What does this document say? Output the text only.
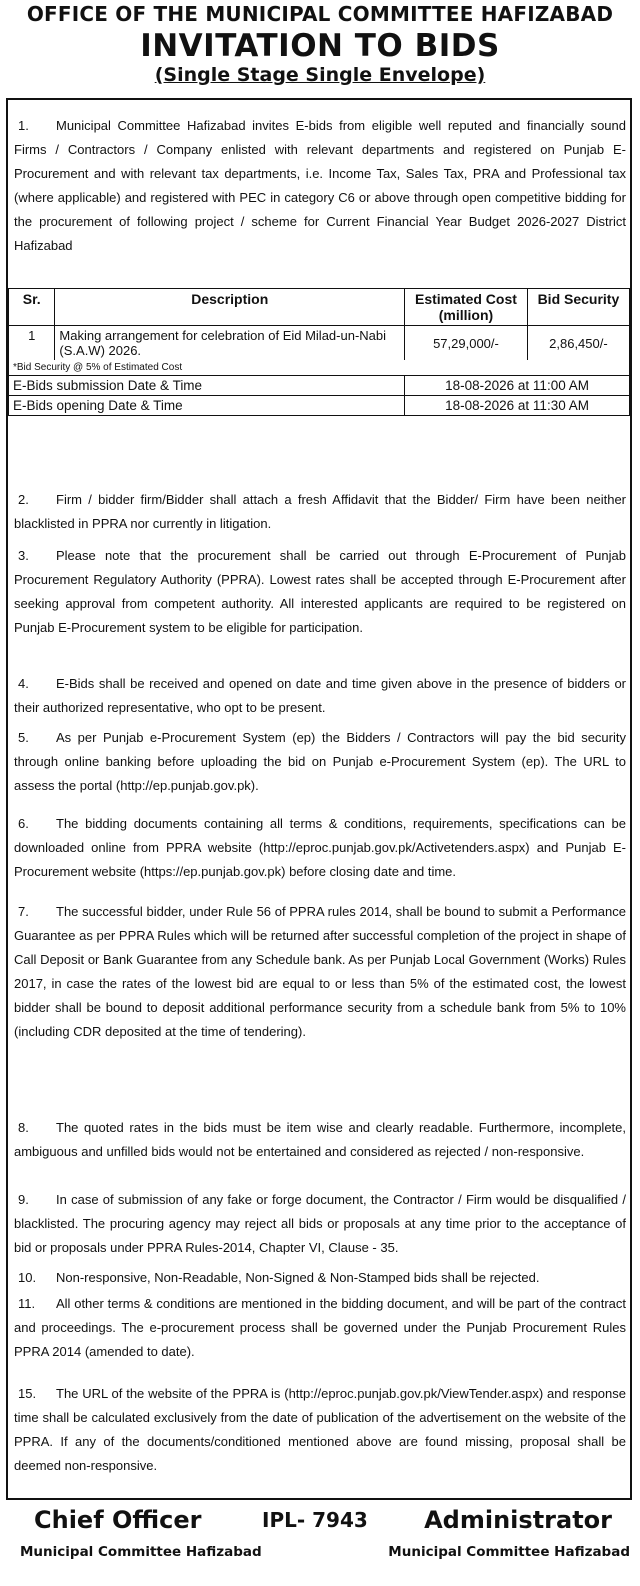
OFFICE OF THE MUNICIPAL COMMITTEE HAFIZABAD
INVITATION TO BIDS
(Single Stage Single Envelope)
1. Municipal Committee Hafizabad invites E-bids from eligible well reputed and financially sound Firms / Contractors / Company enlisted with relevant departments and registered on Punjab E-Procurement and with relevant tax departments, i.e. Income Tax, Sales Tax, PRA and Professional tax (where applicable) and registered with PEC in category C6 or above through open competitive bidding for the procurement of following project / scheme for Current Financial Year Budget 2026-2027 District Hafizabad
Sr.	Description	Estimated Cost (million)	Bid Security
1	Making arrangement for celebration of Eid Milad-un-Nabi (S.A.W) 2026.	57,29,000/-	2,86,450/-
*Bid Security @ 5% of Estimated Cost			
E-Bids submission Date & Time		18-08-2026 at 11:00 AM	
E-Bids opening Date & Time		18-08-2026 at 11:30 AM	
2. Firm / bidder firm/Bidder shall attach a fresh Affidavit that the Bidder/ Firm have been neither blacklisted in PPRA nor currently in litigation.
3. Please note that the procurement shall be carried out through E-Procurement of Punjab Procurement Regulatory Authority (PPRA). Lowest rates shall be accepted through E-Procurement after seeking approval from competent authority. All interested applicants are required to be registered on Punjab E-Procurement system to be eligible for participation.
4. E-Bids shall be received and opened on date and time given above in the presence of bidders or their authorized representative, who opt to be present.
5. As per Punjab e-Procurement System (ep) the Bidders / Contractors will pay the bid security through online banking before uploading the bid on Punjab e-Procurement System (ep). The URL to assess the portal (http://ep.punjab.gov.pk).
6. The bidding documents containing all terms & conditions, requirements, specifications can be downloaded online from PPRA website (http://eproc.punjab.gov.pk/Activetenders.aspx) and Punjab E-Procurement website (https://ep.punjab.gov.pk) before closing date and time.
7. The successful bidder, under Rule 56 of PPRA rules 2014, shall be bound to submit a Performance Guarantee as per PPRA Rules which will be returned after successful completion of the project in shape of Call Deposit or Bank Guarantee from any Schedule bank. As per Punjab Local Government (Works) Rules 2017, in case the rates of the lowest bid are equal to or less than 5% of the estimated cost, the lowest bidder shall be bound to deposit additional performance security from a schedule bank from 5% to 10% (including CDR deposited at the time of tendering).
8. The quoted rates in the bids must be item wise and clearly readable. Furthermore, incomplete, ambiguous and unfilled bids would not be entertained and considered as rejected / non-responsive.
9. In case of submission of any fake or forge document, the Contractor / Firm would be disqualified / blacklisted. The procuring agency may reject all bids or proposals at any time prior to the acceptance of bid or proposals under PPRA Rules-2014, Chapter VI, Clause - 35.
10. Non-responsive, Non-Readable, Non-Signed & Non-Stamped bids shall be rejected.
11. All other terms & conditions are mentioned in the bidding document, and will be part of the contract and proceedings. The e-procurement process shall be governed under the Punjab Procurement Rules PPRA 2014 (amended to date).
15. The URL of the website of the PPRA is (http://eproc.punjab.gov.pk/ViewTender.aspx) and response time shall be calculated exclusively from the date of publication of the advertisement on the website of the PPRA. If any of the documents/conditioned mentioned above are found missing, proposal shall be deemed non-responsive.
Chief Officer	IPL- 7943 Administrator
Municipal Committee Hafizabad	Municipal Committee Hafizabad
